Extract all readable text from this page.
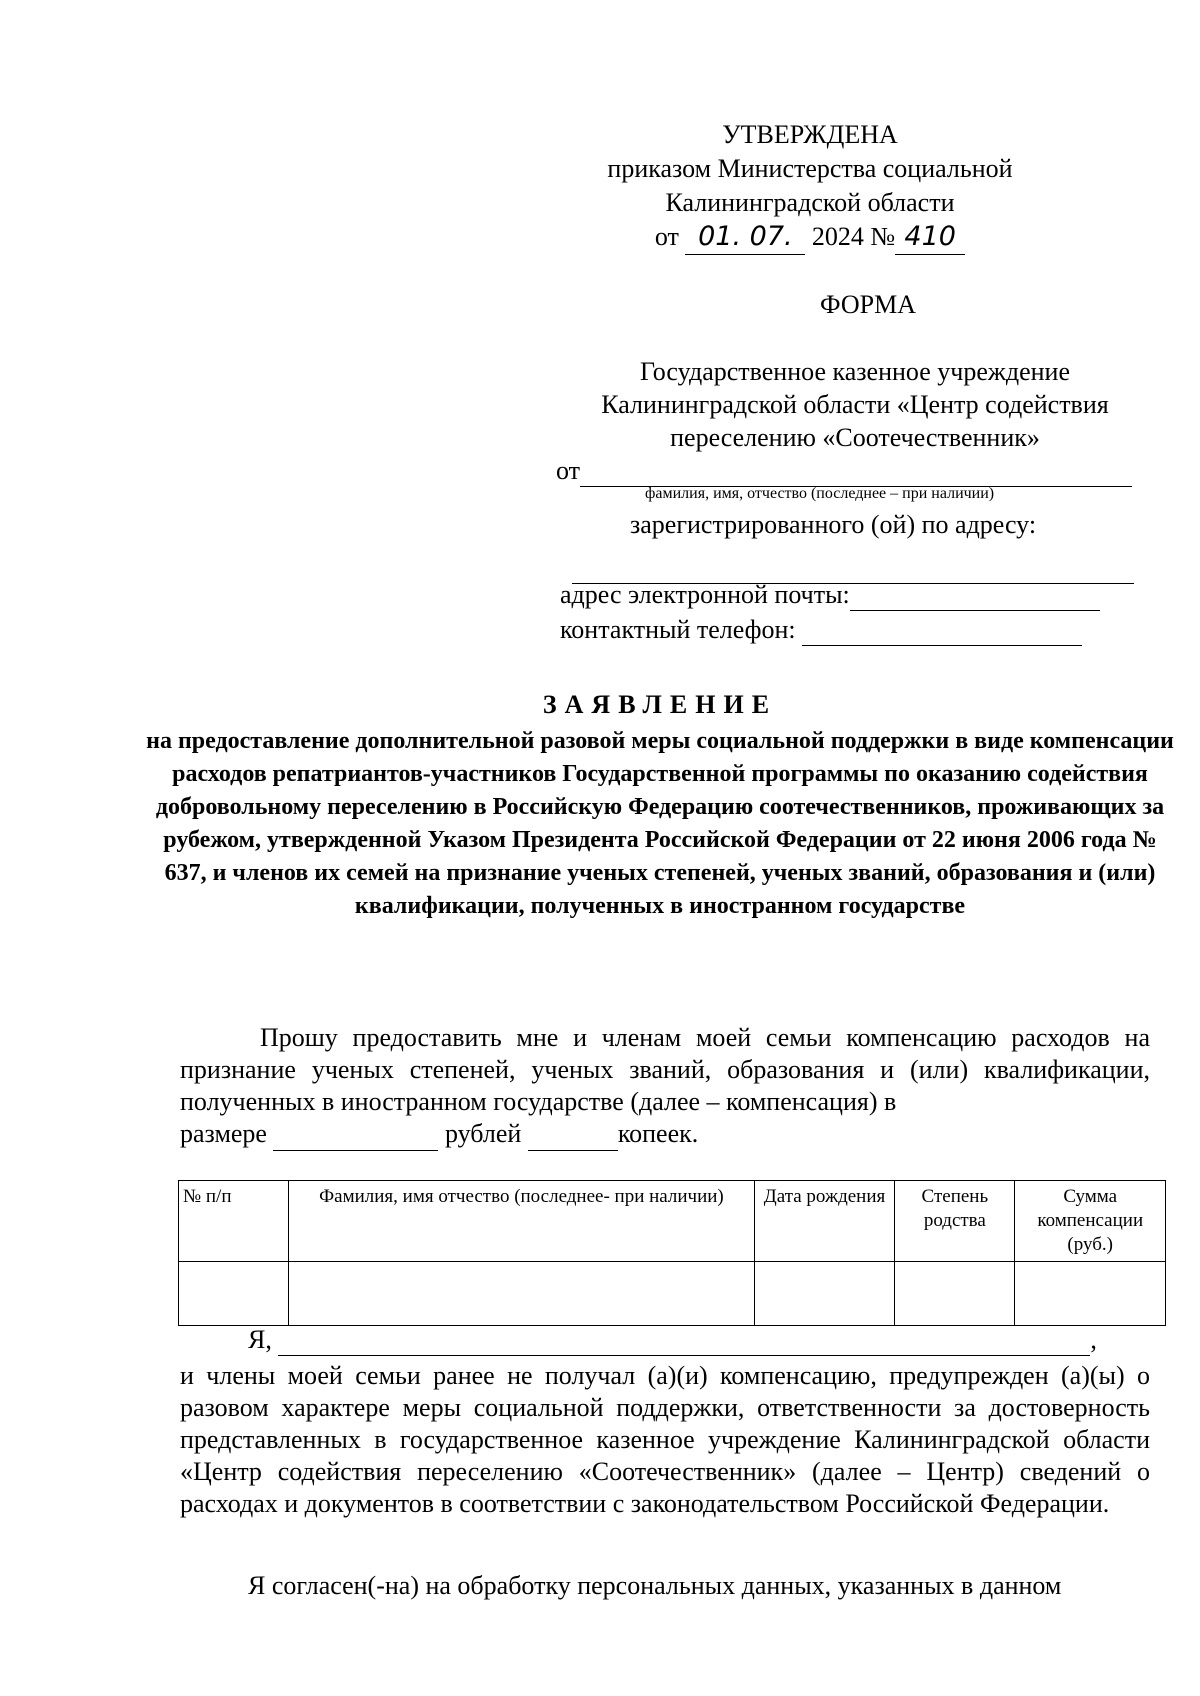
УТВЕРЖДЕНА
приказом Министерства социальной
Калининградской области
от 01. 07. 2024 № 410
ФОРМА
Государственное казенное учреждение
Калининградской области «Центр содействия
переселению «Соотечественник»
от
фамилия, имя, отчество (последнее – при наличии)
зарегистрированного (ой) по адресу:

адрес электронной почты:
контактный телефон:
ЗАЯВЛЕНИЕ
на предоставление дополнительной разовой меры социальной поддержки в виде компенсации расходов репатриантов-участников Государственной программы по оказанию содействия добровольному переселению в Российскую Федерацию соотечественников, проживающих за рубежом, утвержденной Указом Президента Российской Федерации от 22 июня 2006 года № 637, и членов их семей на признание ученых степеней, ученых званий, образования и (или) квалификации, полученных в иностранном государстве
Прошу предоставить мне и членам моей семьи компенсацию расходов на признание ученых степеней, ученых званий, образования и (или) квалификации, полученных в иностранном государстве (далее – компенсация) в
размере	рублей	копеек.
№ п/п	Фамилия, имя отчество (последнее- при наличии)	Дата рождения	Степень родства	Сумма компенсации (руб.)

Я,	,
и члены моей семьи ранее не получал (а)(и) компенсацию, предупрежден (а)(ы) о разовом характере меры социальной поддержки, ответственности за достоверность представленных в государственное казенное учреждение Калининградской области «Центр содействия переселению «Соотечественник» (далее – Центр) сведений о расходах и документов в соответствии с законодательством Российской Федерации.
Я согласен(-на) на обработку персональных данных, указанных в данном
